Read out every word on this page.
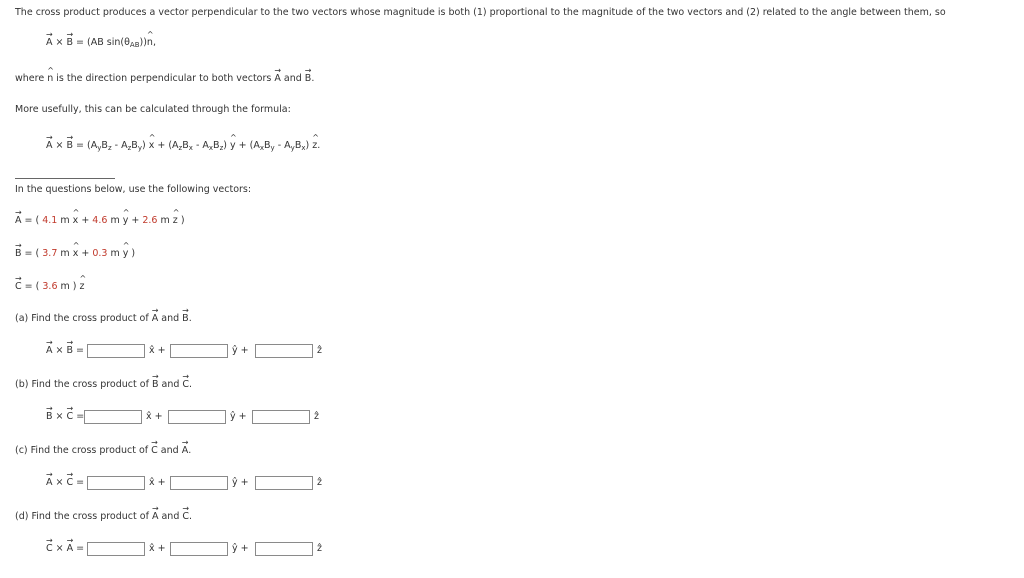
The cross product produces a vector perpendicular to the two vectors whose magnitude is both (1) proportional to the magnitude of the two vectors and (2) related to the angle between them, so
A
→
× B
→
= (AB $\sin(\theta_{AB}))n$
^
,
where n
^
is the direction perpendicular to both vectors A
→
and B
→
.
More usefully, this can be calculated through the formula:
A
→
× B
→
= $(A_yB_z - A_zB_y)$ x
^
+ $(A_zB_x - A_xB_z)$ y
^
+ $(A_xB_y - A_yB_x)$ z
^
.
In the questions below, use the following vectors:
A
→
= ( 4.1 m x
^
+ 4.6 m y
^
+ 2.6 m z
^
)
B
→
= ( 3.7 m x
^
+ 0.3 m y
^
)
C
→
= ( 3.6 m ) z
^
(a) Find the cross product of A
→
and B
→
.
A
→
× B
→
=	x̂ +	ŷ +	ẑ
(b) Find the cross product of B
→
and C
→
.
B
→
× C
→
=	x̂ +	ŷ +	ẑ
(c) Find the cross product of C
→
and A
→
.
A
→
× C
→
=	x̂ +	ŷ +	ẑ
(d) Find the cross product of A
→
and C
→
.
C
→
× A
→
=	x̂ +	ŷ +	ẑ
